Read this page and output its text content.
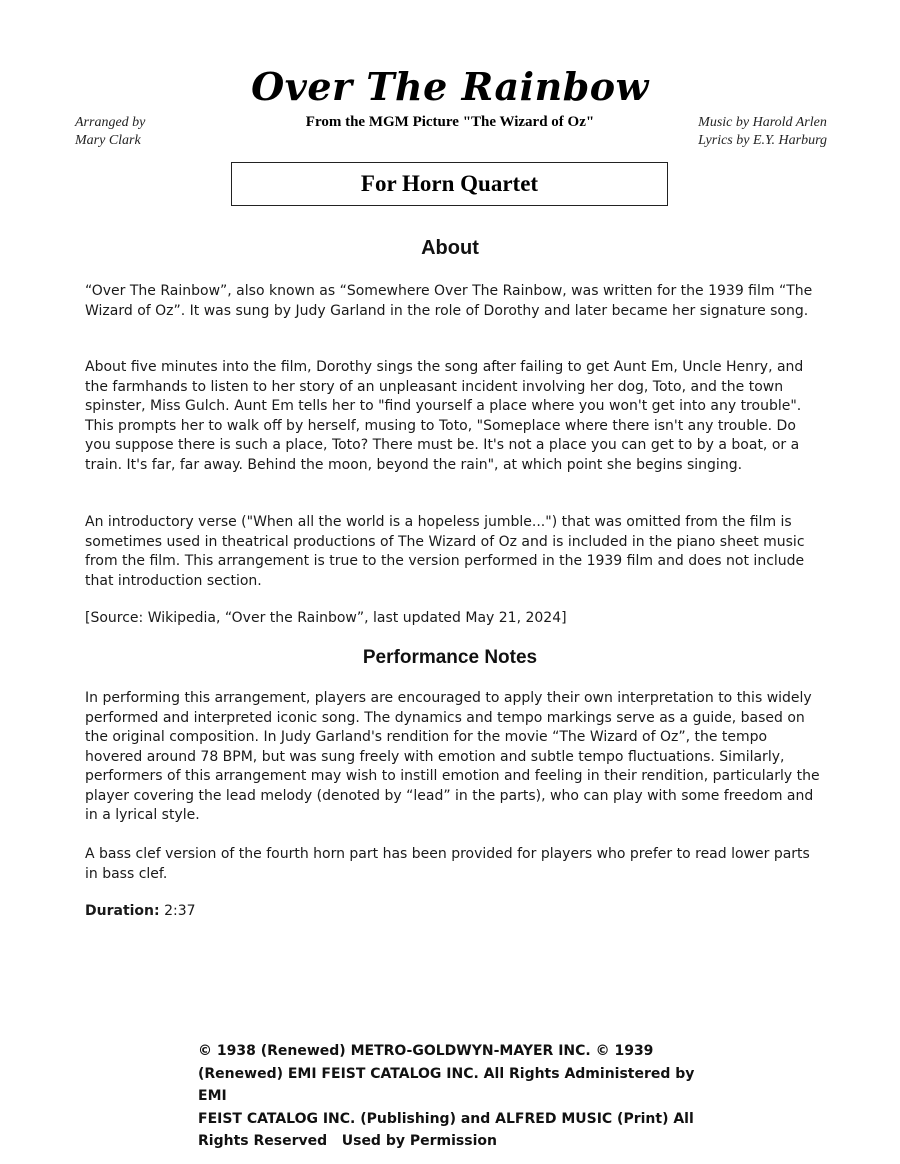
Over The Rainbow
From the MGM Picture "The Wizard of Oz"
Arranged by
Mary Clark
Music by Harold Arlen
Lyrics by E.Y. Harburg
For Horn Quartet
About
“Over The Rainbow”, also known as “Somewhere Over The Rainbow, was written for the 1939 film “The Wizard of Oz”. It was sung by Judy Garland in the role of Dorothy and later became her signature song.
About five minutes into the film, Dorothy sings the song after failing to get Aunt Em, Uncle Henry, and the farmhands to listen to her story of an unpleasant incident involving her dog, Toto, and the town spinster, Miss Gulch. Aunt Em tells her to "find yourself a place where you won't get into any trouble". This prompts her to walk off by herself, musing to Toto, "Someplace where there isn't any trouble. Do you suppose there is such a place, Toto? There must be. It's not a place you can get to by a boat, or a train. It's far, far away. Behind the moon, beyond the rain", at which point she begins singing.
An introductory verse ("When all the world is a hopeless jumble...") that was omitted from the film is sometimes used in theatrical productions of The Wizard of Oz and is included in the piano sheet music from the film. This arrangement is true to the version performed in the 1939 film and does not include that introduction section.
[Source: Wikipedia, “Over the Rainbow”, last updated May 21, 2024]
Performance Notes
In performing this arrangement, players are encouraged to apply their own interpretation to this widely performed and interpreted iconic song. The dynamics and tempo markings serve as a guide, based on the original composition. In Judy Garland's rendition for the movie “The Wizard of Oz”, the tempo hovered around 78 BPM, but was sung freely with emotion and subtle tempo fluctuations. Similarly, performers of this arrangement may wish to instill emotion and feeling in their rendition, particularly the player covering the lead melody (denoted by “lead” in the parts), who can play with some freedom and in a lyrical style.
A bass clef version of the fourth horn part has been provided for players who prefer to read lower parts in bass clef.
Duration: 2:37
© 1938 (Renewed) METRO-GOLDWYN-MAYER INC. © 1939
(Renewed) EMI FEIST CATALOG INC. All Rights Administered by EMI
FEIST CATALOG INC. (Publishing) and ALFRED MUSIC (Print) All
Rights Reserved   Used by Permission
